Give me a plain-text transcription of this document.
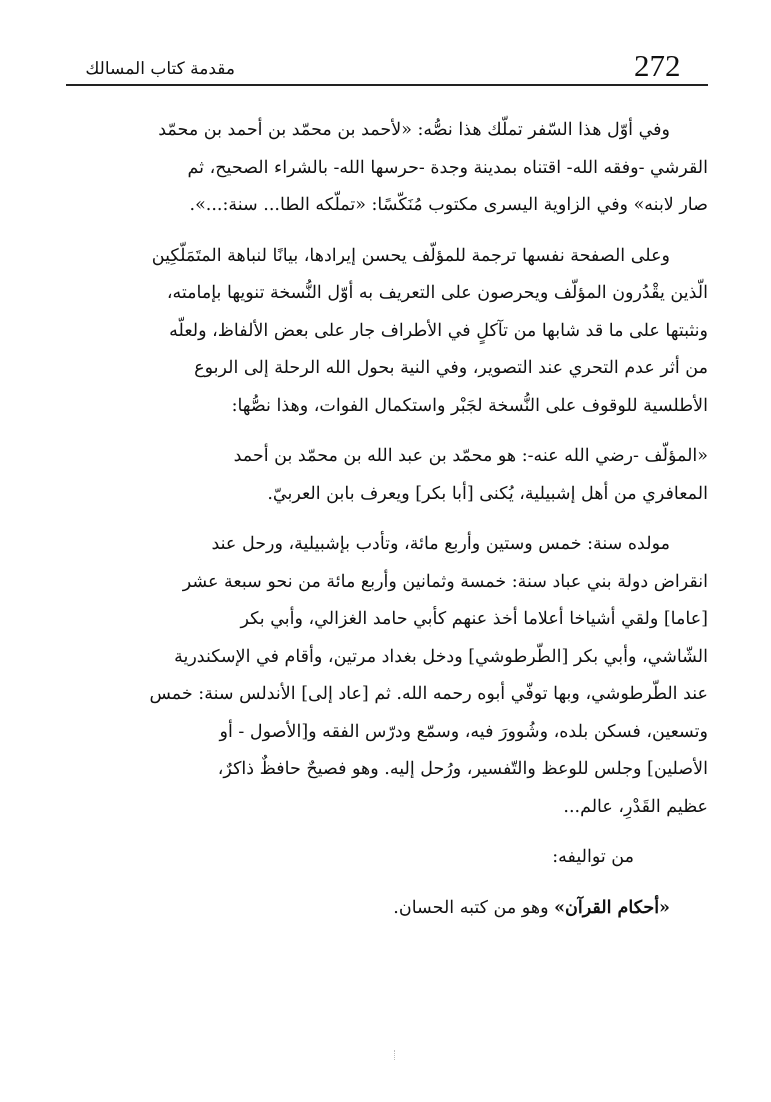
272
مقدمة كتاب المسالك

وفي أوّل هذا السّفر تملّك هذا نصُّه: «لأحمد بن محمّد بن أحمد بن محمّد
القرشي -وفقه الله- اقتناه بمدينة وجدة -حرسها الله- بالشراء الصحيح، ثم
صار لابنه» وفي الزاوية اليسرى مكتوب مُنَكّسًا: «تملّكه الطا... سنة:...».

وعلى الصفحة نفسها ترجمة للمؤلّف يحسن إيرادها، بيانًا لنباهة المتَمَلّكِين
الّذين يقْدُرون المؤلّف ويحرصون على التعريف به أوّل النُّسخة تنويها بإمامته،
ونثبتها على ما قد شابها من تآكلٍ في الأطراف جار على بعض الألفاظ، ولعلّه
من أثر عدم التحري عند التصوير، وفي النية بحول الله الرحلة إلى الربوع
الأطلسية للوقوف على النُّسخة لجَبْر واستكمال الفوات، وهذا نصُّها:

«المؤلّف -رضي الله عنه-: هو محمّد بن عبد الله بن محمّد بن أحمد
المعافري من أهل إشبيلية، يُكنى [أبا بكر] ويعرف بابن العربيّ.

مولده سنة: خمس وستين وأربع مائة، وتأدب بإشبيلية، ورحل عند
انقراض دولة بني عباد سنة: خمسة وثمانين وأربع مائة من نحو سبعة عشر
[عاما] ولقي أشياخا أعلاما أخذ عنهم كأبي حامد الغزالي، وأبي بكر
الشّاشي، وأبي بكر [الطّرطوشي] ودخل بغداد مرتين، وأقام في الإسكندرية
عند الطّرطوشي، وبها توفّي أبوه رحمه الله. ثم [عاد إلى] الأندلس سنة: خمس
وتسعين، فسكن بلده، وشُوورَ فيه، وسمّع ودرّس الفقه و[الأصول - أو
الأصلين] وجلس للوعظ والتّفسير، ورُحل إليه. وهو فصيحٌ حافظٌ ذاكرٌ،
عظيم القَدْرِ، عالم...

من تواليفه:

«أحكام القرآن» وهو من كتبه الحسان.
